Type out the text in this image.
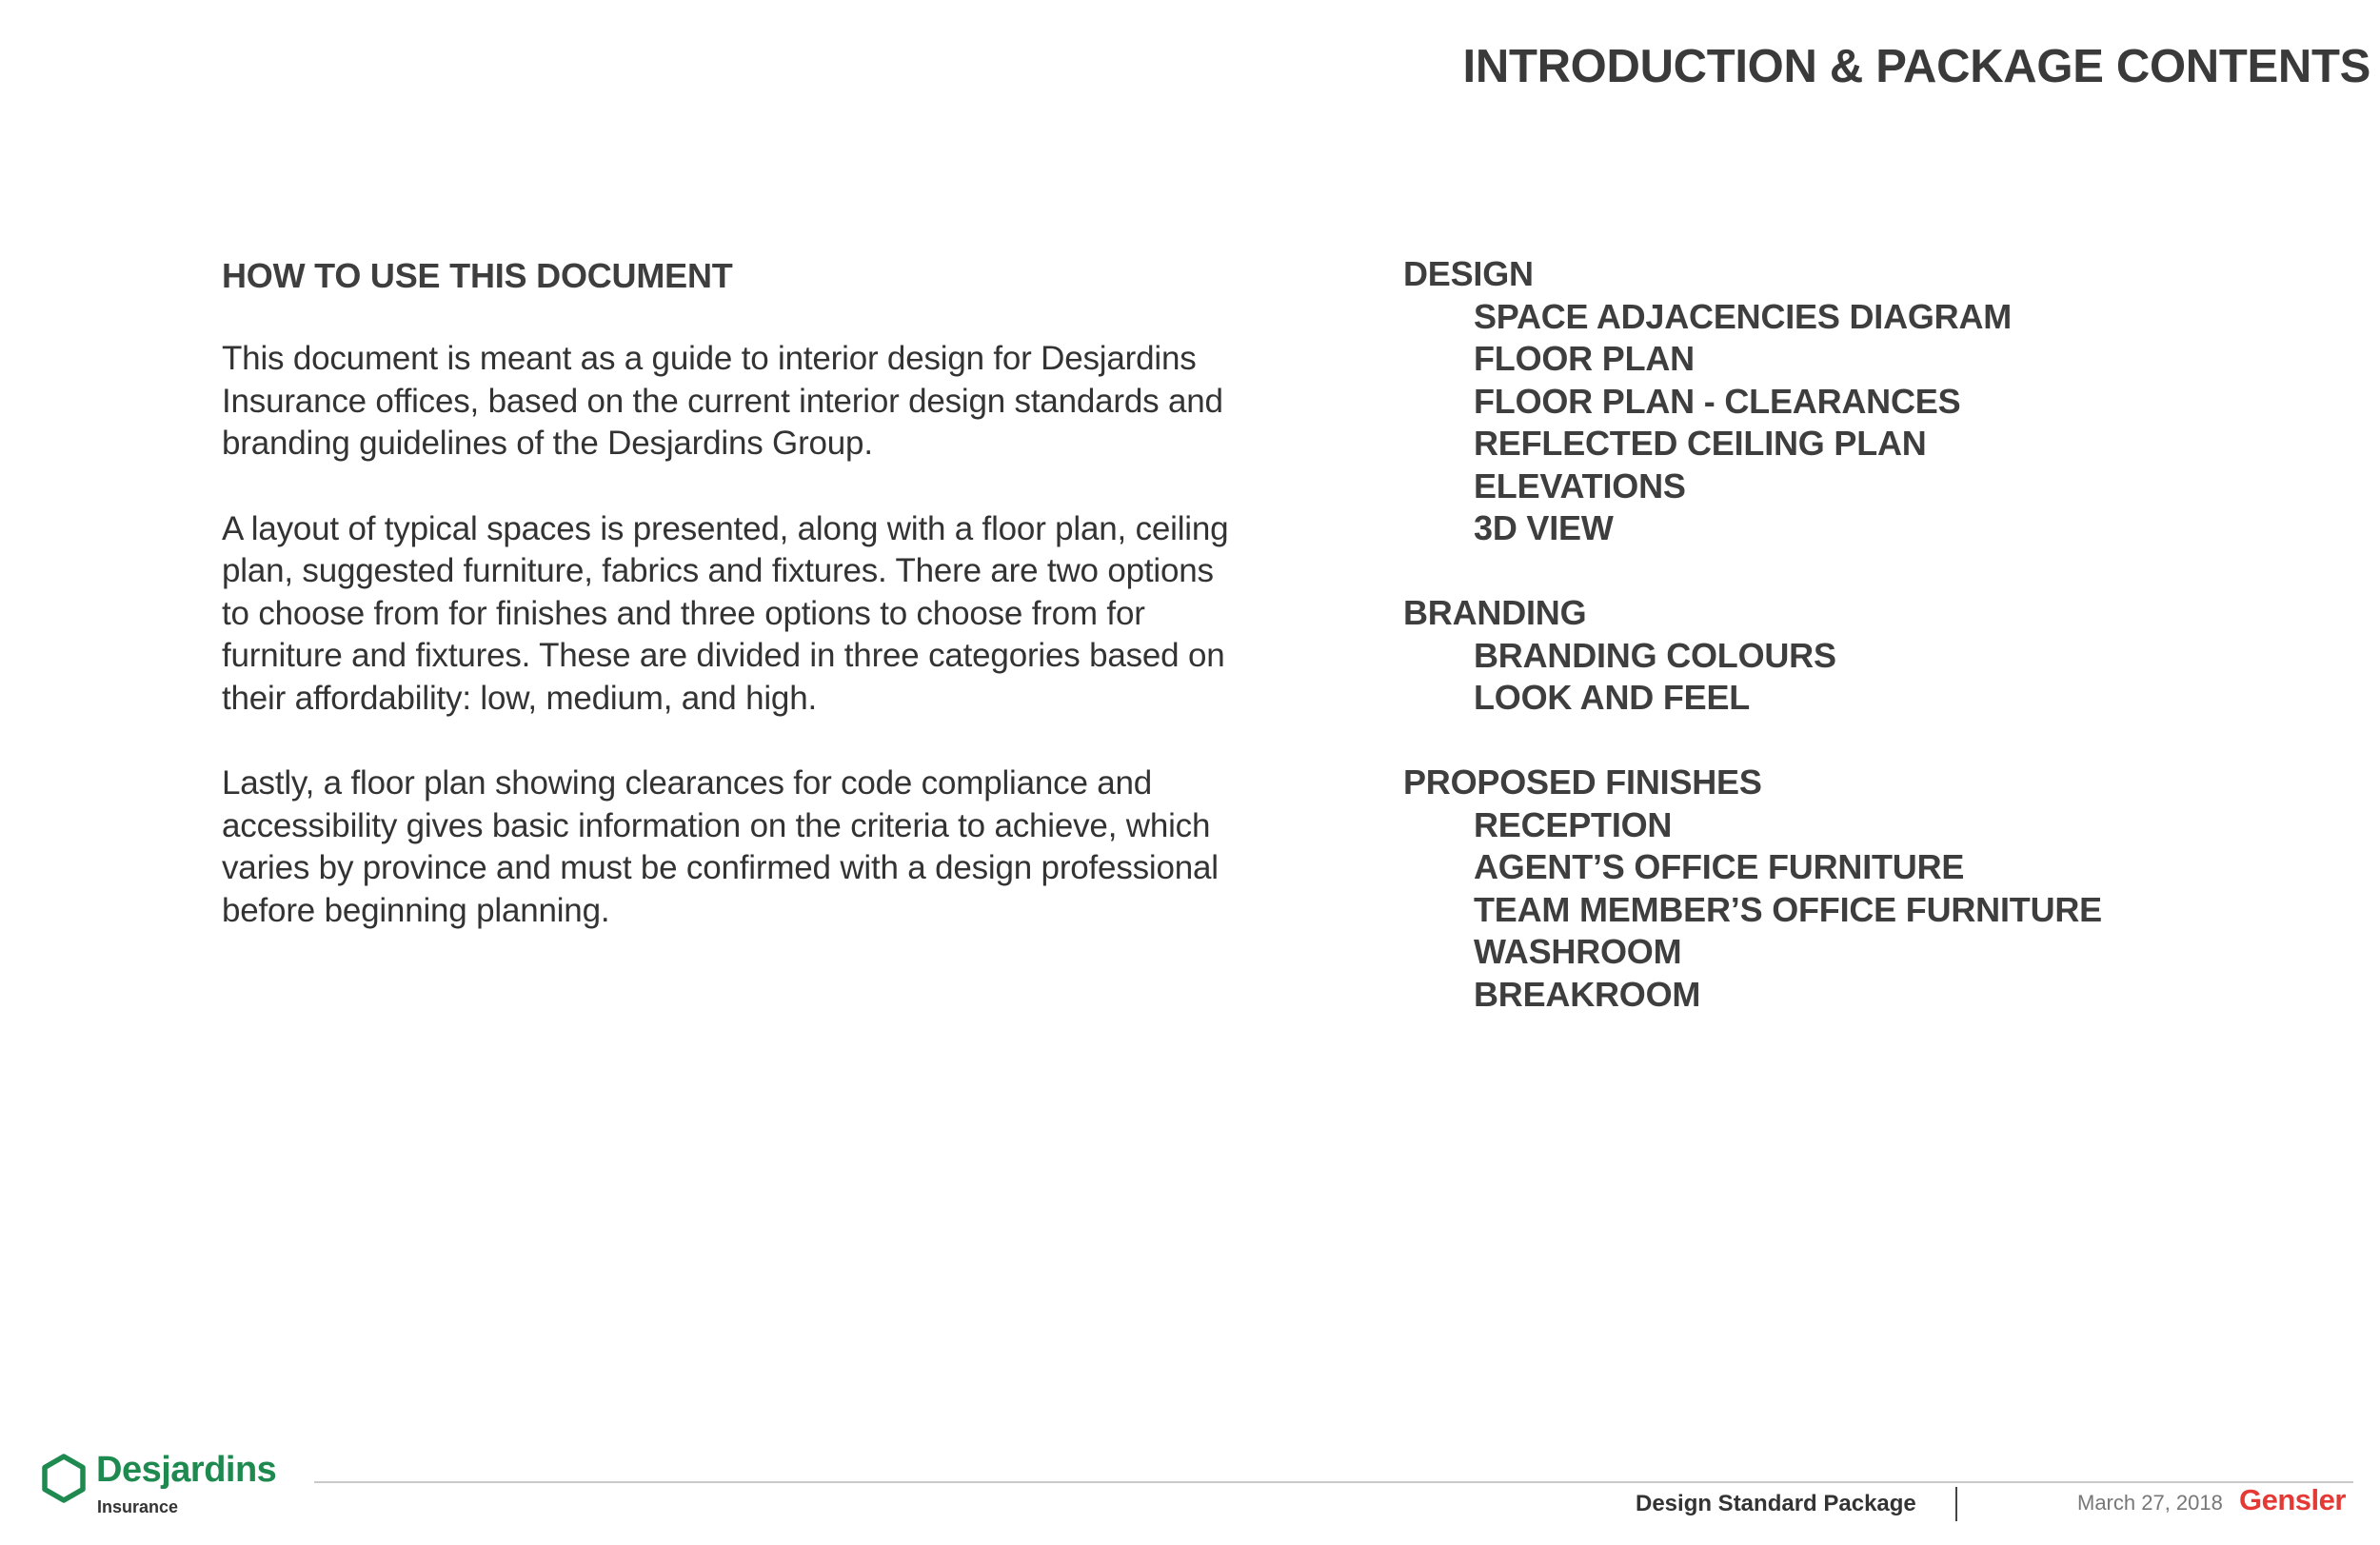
INTRODUCTION & PACKAGE CONTENTS
HOW TO USE THIS DOCUMENT

This document is meant as a guide to interior design for Desjardins Insurance offices, based on the current interior design standards and branding guidelines of the Desjardins Group.

A layout of typical spaces is presented, along with a floor plan, ceiling plan, suggested furniture, fabrics and fixtures. There are two options to choose from for finishes and three options to choose from for furniture and fixtures. These are divided in three categories based on their affordability: low, medium, and high.

Lastly, a floor plan showing clearances for code compliance and accessibility gives basic information on the criteria to achieve, which varies by province and must be confirmed with a design professional before beginning planning.

DESIGN
SPACE ADJACENCIES DIAGRAM
FLOOR PLAN
FLOOR PLAN - CLEARANCES
REFLECTED CEILING PLAN
ELEVATIONS
3D VIEW
BRANDING
BRANDING COLOURS
LOOK AND FEEL
PROPOSED FINISHES
RECEPTION
AGENT’S OFFICE FURNITURE
TEAM MEMBER’S OFFICE FURNITURE
WASHROOM
BREAKROOM
Desjardins
Insurance	Design Standard Package	March 27, 2018 Gensler
